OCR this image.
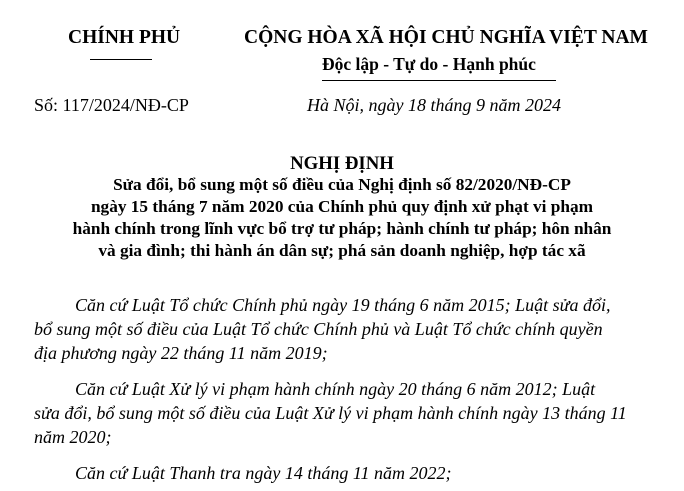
CHÍNH PHỦ	CỘNG HÒA XÃ HỘI CHỦ NGHĨA VIỆT NAM
Độc lập - Tự do - Hạnh phúc
Số: 117/2024/NĐ-CP	Hà Nội, ngày 18 tháng 9 năm 2024
NGHỊ ĐỊNH
Sửa đổi, bổ sung một số điều của Nghị định số 82/2020/NĐ-CP
ngày 15 tháng 7 năm 2020 của Chính phủ quy định xử phạt vi phạm
hành chính trong lĩnh vực bổ trợ tư pháp; hành chính tư pháp; hôn nhân
và gia đình; thi hành án dân sự; phá sản doanh nghiệp, hợp tác xã
Căn cứ Luật Tổ chức Chính phủ ngày 19 tháng 6 năm 2015; Luật sửa đổi,
bổ sung một số điều của Luật Tổ chức Chính phủ và Luật Tổ chức chính quyền
địa phương ngày 22 tháng 11 năm 2019;
Căn cứ Luật Xử lý vi phạm hành chính ngày 20 tháng 6 năm 2012; Luật
sửa đổi, bổ sung một số điều của Luật Xử lý vi phạm hành chính ngày 13 tháng 11
năm 2020;
Căn cứ Luật Thanh tra ngày 14 tháng 11 năm 2022;
